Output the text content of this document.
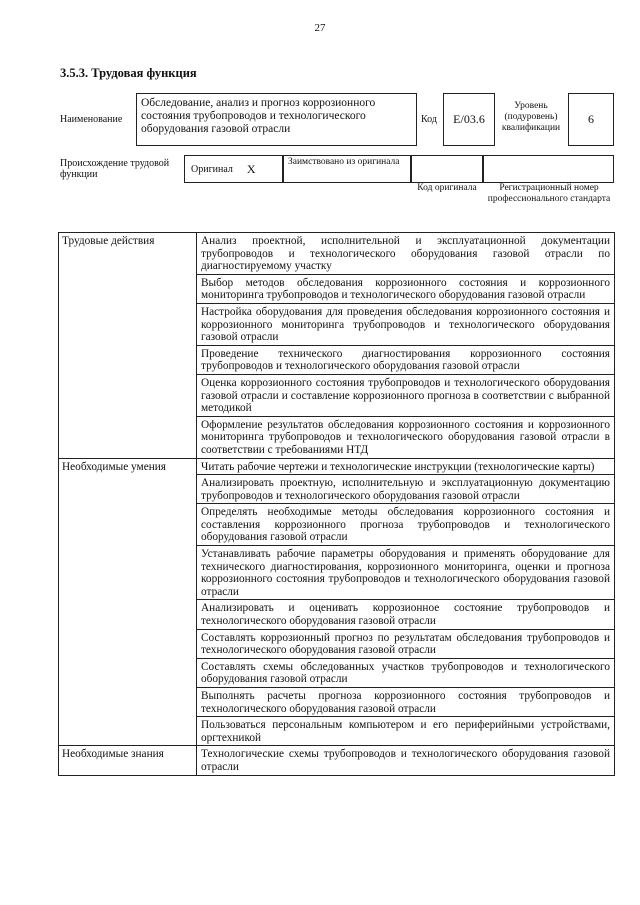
27
3.5.3. Трудовая функция
Наименование
Обследование, анализ и прогноз коррозионного состояния трубопроводов и технологического оборудования газовой отрасли
Код E/03.6
Уровень (подуровень) квалификации
6
Происхождение трудовой функции	Оригинал X	Заимствовано из оригинала
Код оригинала	Регистрационный номер профессионального стандарта
Трудовые действия	Анализ проектной, исполнительной и эксплуатационной документации трубопроводов и технологического оборудования газовой отрасли по диагностируемому участку
	Выбор методов обследования коррозионного состояния и коррозионного мониторинга трубопроводов и технологического оборудования газовой отрасли
	Настройка оборудования для проведения обследования коррозионного состояния и коррозионного мониторинга трубопроводов и технологического оборудования газовой отрасли
	Проведение технического диагностирования коррозионного состояния трубопроводов и технологического оборудования газовой отрасли
	Оценка коррозионного состояния трубопроводов и технологического оборудования газовой отрасли и составление коррозионного прогноза в соответствии с выбранной методикой
	Оформление результатов обследования коррозионного состояния и коррозионного мониторинга трубопроводов и технологического оборудования газовой отрасли в соответствии с требованиями НТД
Необходимые умения	Читать рабочие чертежи и технологические инструкции (технологические карты)
	Анализировать проектную, исполнительную и эксплуатационную документацию трубопроводов и технологического оборудования газовой отрасли
	Определять необходимые методы обследования коррозионного состояния и составления коррозионного прогноза трубопроводов и технологического оборудования газовой отрасли
	Устанавливать рабочие параметры оборудования и применять оборудование для технического диагностирования, коррозионного мониторинга, оценки и прогноза коррозионного состояния трубопроводов и технологического оборудования газовой отрасли
	Анализировать и оценивать коррозионное состояние трубопроводов и технологического оборудования газовой отрасли
	Составлять коррозионный прогноз по результатам обследования трубопроводов и технологического оборудования газовой отрасли
	Составлять схемы обследованных участков трубопроводов и технологического оборудования газовой отрасли
	Выполнять расчеты прогноза коррозионного состояния трубопроводов и технологического оборудования газовой отрасли
	Пользоваться персональным компьютером и его периферийными устройствами, оргтехникой
Необходимые знания	Технологические схемы трубопроводов и технологического оборудования газовой отрасли
